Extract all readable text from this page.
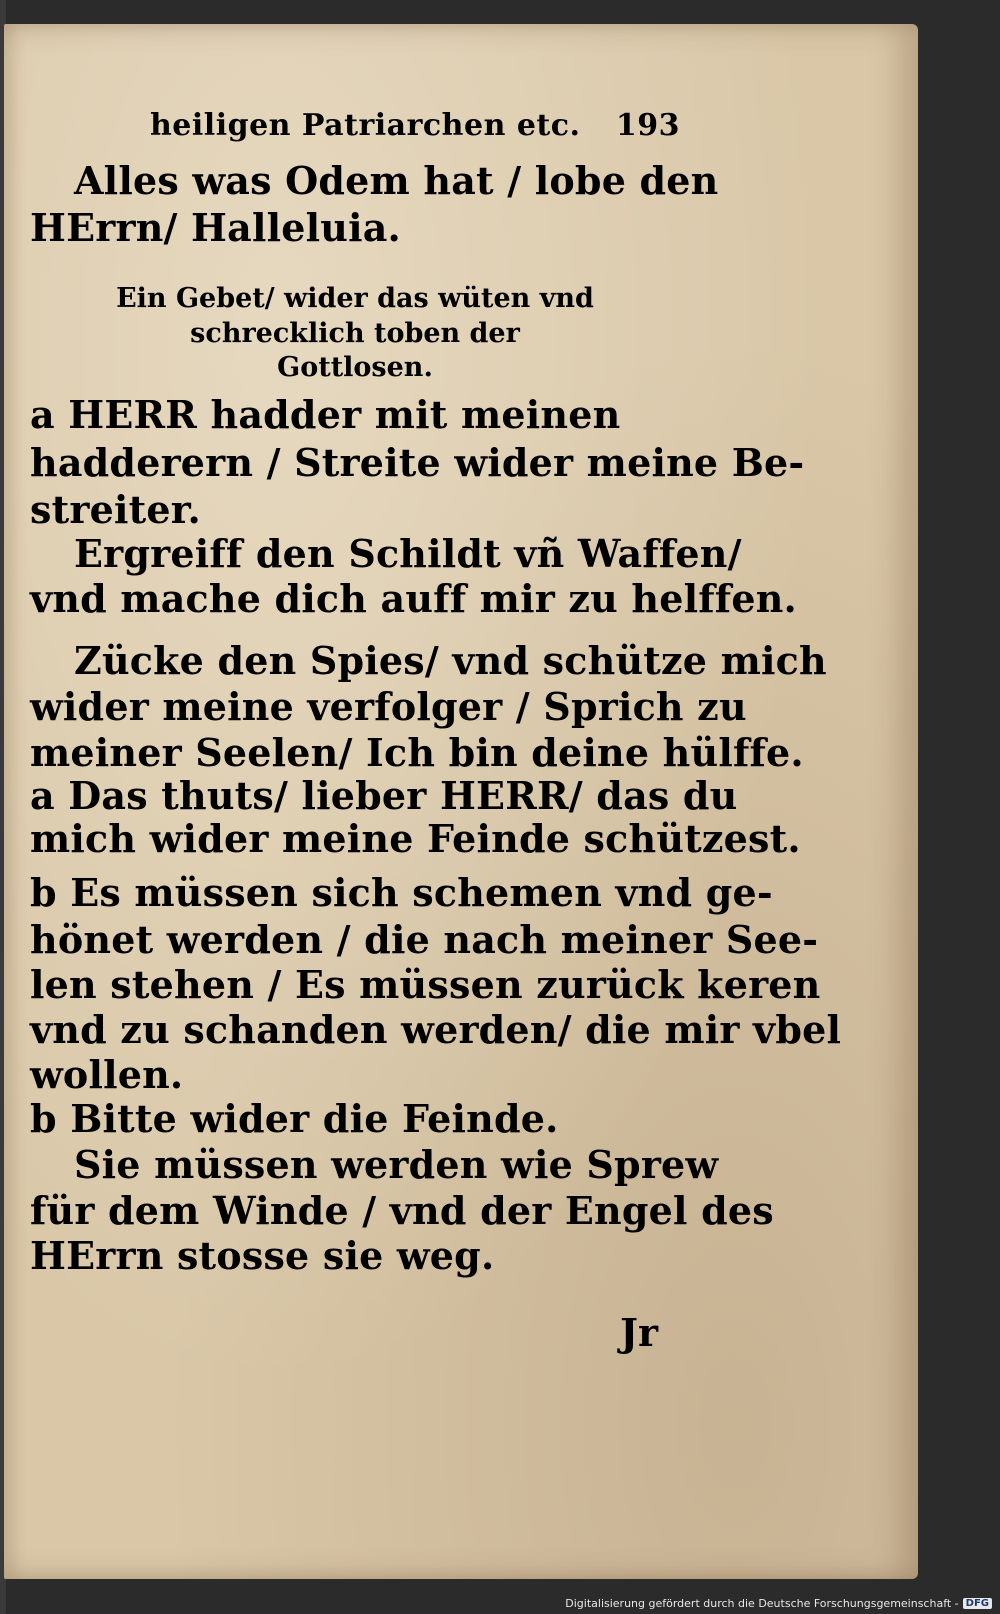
heiligen Patriarchen etc. 193
Alles was Odem hat / lobe den
HErrn/ Halleluia.
Ein Gebet/ wider das wüten vnd
schrecklich toben der
Gottlosen.
a HERR hadder mit meinen
hadderern / Streite wider meine Be-
streiter.
Ergreiff den Schildt vñ Waffen/
vnd mache dich auff mir zu helffen.
Zücke den Spies/ vnd schütze mich
wider meine verfolger / Sprich zu
meiner Seelen/ Ich bin deine hülffe.
a Das thuts/ lieber HERR/ das du
mich wider meine Feinde schützest.
b Es müssen sich schemen vnd ge-
hönet werden / die nach meiner See-
len stehen / Es müssen zurück keren
vnd zu schanden werden/ die mir vbel
wollen.
b Bitte wider die Feinde.
Sie müssen werden wie Sprew
für dem Winde / vnd der Engel des
HErrn stosse sie weg.
Jr
Digitalisierung gefördert durch die Deutsche Forschungsgemeinschaft - DFG
